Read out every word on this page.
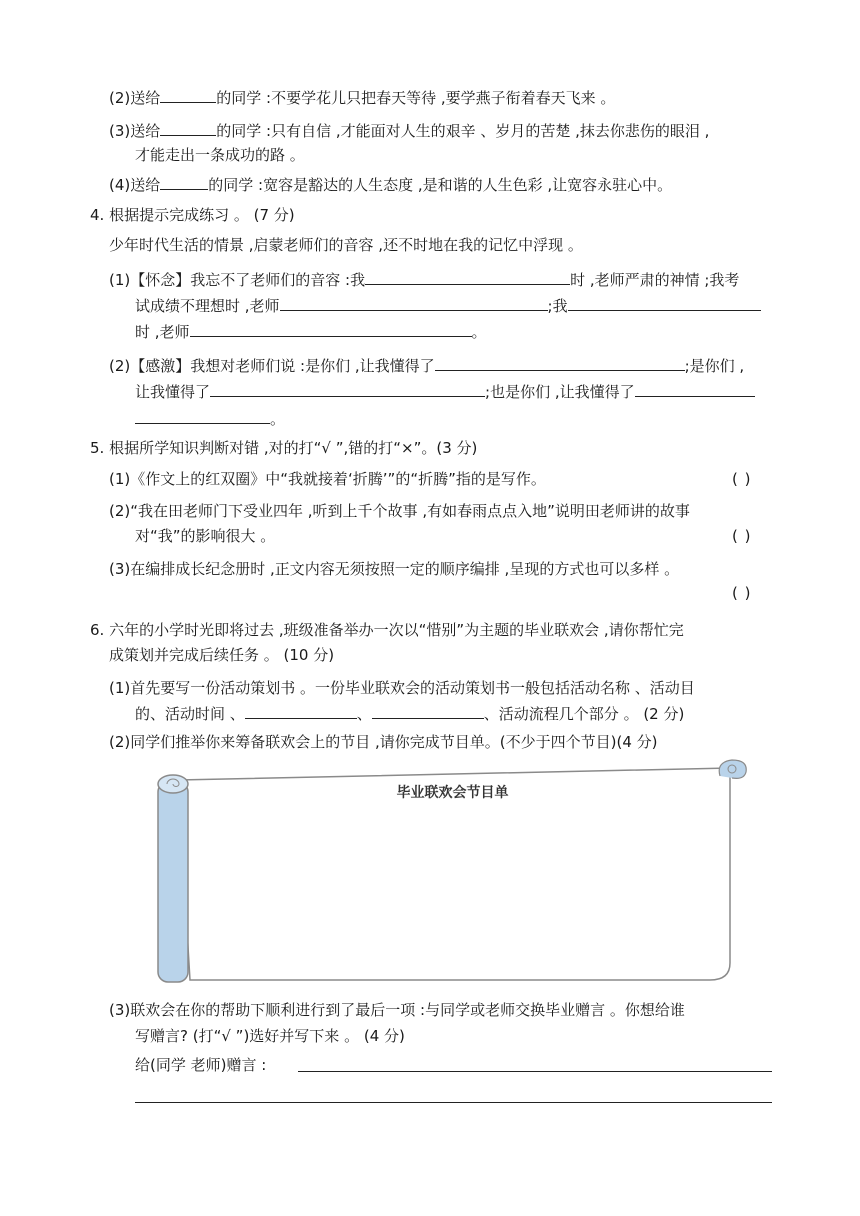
(2)送给	的同学 :不要学花儿只把春天等待 ,要学燕子衔着春天飞来 。
(3)送给	的同学 :只有自信 ,才能面对人生的艰辛 、岁月的苦楚 ,抹去你悲伤的眼泪 ,
才能走出一条成功的路 。
(4)送给	的同学 :宽容是豁达的人生态度 ,是和谐的人生色彩 ,让宽容永驻心中。
4. 根据提示完成练习 。 (7 分)
少年时代生活的情景 ,启蒙老师们的音容 ,还不时地在我的记忆中浮现 。
(1)【怀念】我忘不了老师们的音容 :我	时 ,老师严肃的神情 ;我考
试成绩不理想时 ,老师	;我
时 ,老师	。
(2)【感激】我想对老师们说 :是你们 ,让我懂得了	;是你们 ,
让我懂得了	;也是你们 ,让我懂得了
。
5. 根据所学知识判断对错 ,对的打“√ ”,错的打“×”。(3 分)
(1)《作文上的红双圈》中“我就接着‘折腾’”的“折腾”指的是写作。	( )
(2)“我在田老师门下受业四年 ,听到上千个故事 ,有如春雨点点入地”说明田老师讲的故事
对“我”的影响很大 。	( )
(3)在编排成长纪念册时 ,正文内容无须按照一定的顺序编排 ,呈现的方式也可以多样 。
( )
6. 六年的小学时光即将过去 ,班级准备举办一次以“惜别”为主题的毕业联欢会 ,请你帮忙完
成策划并完成后续任务 。 (10 分)
(1)首先要写一份活动策划书 。一份毕业联欢会的活动策划书一般包括活动名称 、活动目
的、活动时间 、	、	、活动流程几个部分 。 (2 分)
(2)同学们推举你来筹备联欢会上的节目 ,请你完成节目单。(不少于四个节目)(4 分)
毕业联欢会节目单
(3)联欢会在你的帮助下顺利进行到了最后一项 :与同学或老师交换毕业赠言 。你想给谁
写赠言? (打“√ ”)选好并写下来 。 (4 分)
给(同学 老师)赠言 :
